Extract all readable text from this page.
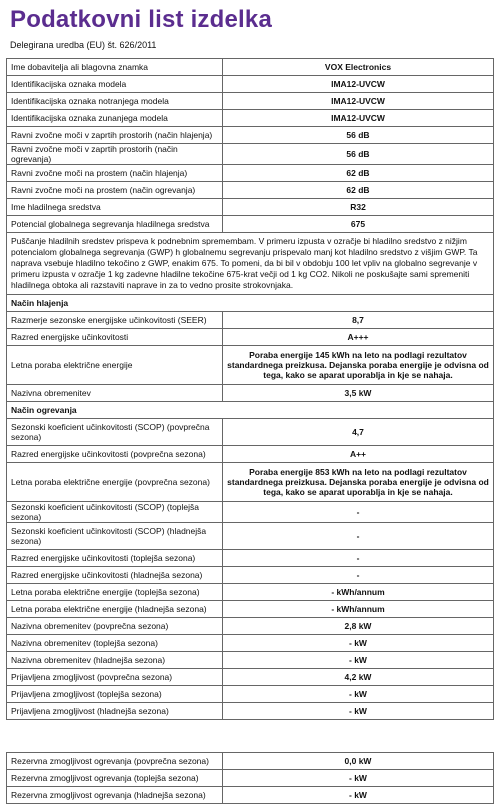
Podatkovni list izdelka
Delegirana uredba (EU) št. 626/2011
Ime dobavitelja ali blagovna znamka	VOX Electronics
Identifikacijska oznaka modela	IMA12-UVCW
Identifikacijska oznaka notranjega modela	IMA12-UVCW
Identifikacijska oznaka zunanjega modela	IMA12-UVCW
Ravni zvočne moči v zaprtih prostorih (način hlajenja)	56 dB
Ravni zvočne moči v zaprtih prostorih (način ogrevanja)	56 dB
Ravni zvočne moči na prostem (način hlajenja)	62 dB
Ravni zvočne moči na prostem (način ogrevanja)	62 dB
Ime hladilnega sredstva	R32
Potencial globalnega segrevanja hladilnega sredstva	675
Puščanje hladilnih sredstev prispeva k podnebnim spremembam. V primeru izpusta v ozračje bi hladilno sredstvo z nižjim potencialom globalnega segrevanja (GWP) h globalnemu segrevanju prispevalo manj kot hladilno sredstvo z višjim GWP. Ta naprava vsebuje hladilno tekočino z GWP, enakim 675. To pomeni, da bi bil v obdobju 100 let vpliv na globalno segrevanje v primeru izpusta v ozračje 1 kg zadevne hladilne tekočine 675-krat večji od 1 kg CO2. Nikoli ne poskušajte sami spremeniti hladilnega obtoka ali razstaviti naprave in za to vedno prosite strokovnjaka.	
Način hlajenja	
Razmerje sezonske energijske učinkovitosti (SEER)	8,7
Razred energijske učinkovitosti	A+++
Letna poraba električne energije	Poraba energije 145 kWh na leto na podlagi rezultatov standardnega preizkusa. Dejanska poraba energije je odvisna od tega, kako se aparat uporablja in kje se nahaja.
Nazivna obremenitev	3,5 kW
Način ogrevanja	
Sezonski koeficient učinkovitosti (SCOP) (povprečna sezona)	4,7
Razred energijske učinkovitosti (povprečna sezona)	A++
Letna poraba električne energije (povprečna sezona)	Poraba energije 853 kWh na leto na podlagi rezultatov standardnega preizkusa. Dejanska poraba energije je odvisna od tega, kako se aparat uporablja in kje se nahaja.
Sezonski koeficient učinkovitosti (SCOP) (toplejša sezona)	-
Sezonski koeficient učinkovitosti (SCOP) (hladnejša sezona)	-
Razred energijske učinkovitosti (toplejša sezona)	-
Razred energijske učinkovitosti (hladnejša sezona)	-
Letna poraba električne energije (toplejša sezona)	- kWh/annum
Letna poraba električne energije (hladnejša sezona)	- kWh/annum
Nazivna obremenitev (povprečna sezona)	2,8 kW
Nazivna obremenitev (toplejša sezona)	- kW
Nazivna obremenitev (hladnejša sezona)	- kW
Prijavljena zmogljivost (povprečna sezona)	4,2 kW
Prijavljena zmogljivost (toplejša sezona)	- kW
Prijavljena zmogljivost (hladnejša sezona)	- kW
Rezervna zmogljivost ogrevanja (povprečna sezona)	0,0 kW
Rezervna zmogljivost ogrevanja (toplejša sezona)	- kW
Rezervna zmogljivost ogrevanja (hladnejša sezona)	- kW
